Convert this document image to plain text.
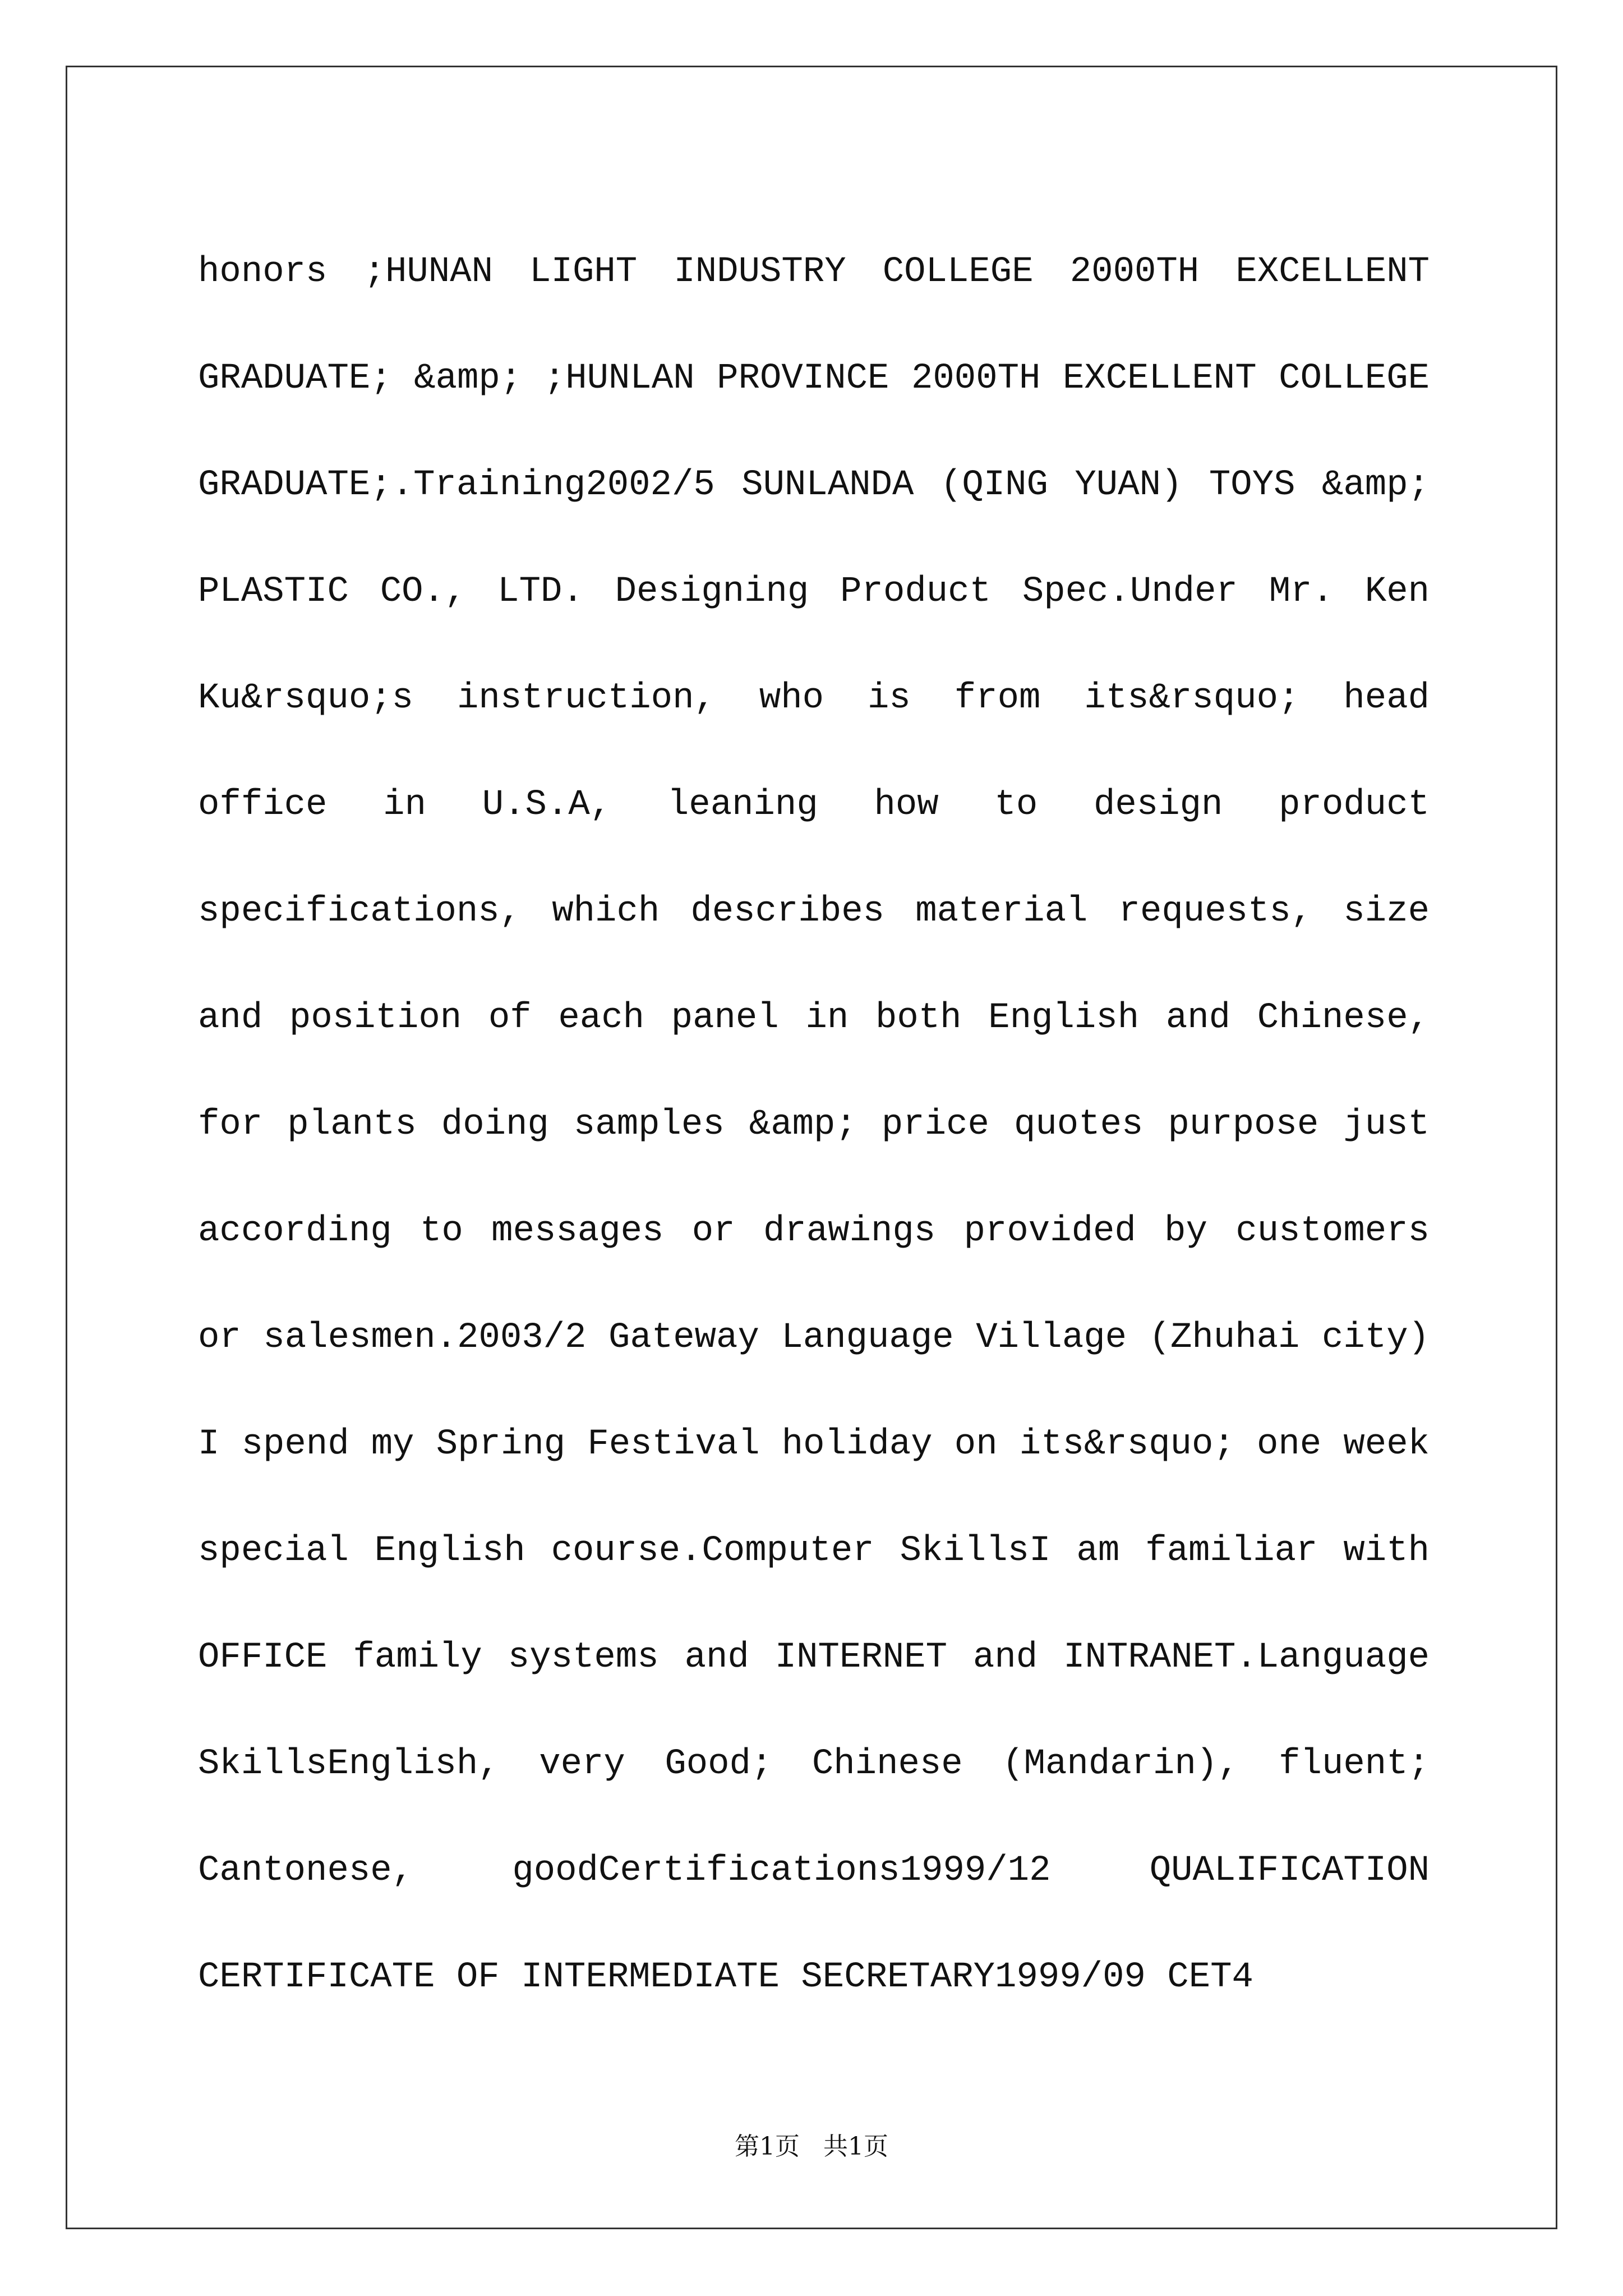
honors ;HUNAN LIGHT INDUSTRY COLLEGE 2000TH EXCELLENT GRADUATE; &amp; ;HUNLAN PROVINCE 2000TH EXCELLENT COLLEGE GRADUATE;.Training2002/5 SUNLANDA (QING YUAN) TOYS &amp; PLASTIC CO., LTD. Designing Product Spec.Under Mr. Ken Ku&rsquo;s instruction, who is from its&rsquo; head office in U.S.A, leaning how to design product specifications, which describes material requests, size and position of each panel in both English and Chinese, for plants doing samples &amp; price quotes purpose just according to messages or drawings provided by customers or salesmen.2003/2 Gateway Language Village (Zhuhai city) I spend my Spring Festival holiday on its&rsquo; one week special English course.Computer SkillsI am familiar with OFFICE family systems and INTERNET and INTRANET.Language SkillsEnglish, very Good; Chinese (Mandarin), fluent; Cantonese, goodCertifications1999/12 QUALIFICATION CERTIFICATE OF INTERMEDIATE SECRETARY1999/09 CET4

第1页 共1页
